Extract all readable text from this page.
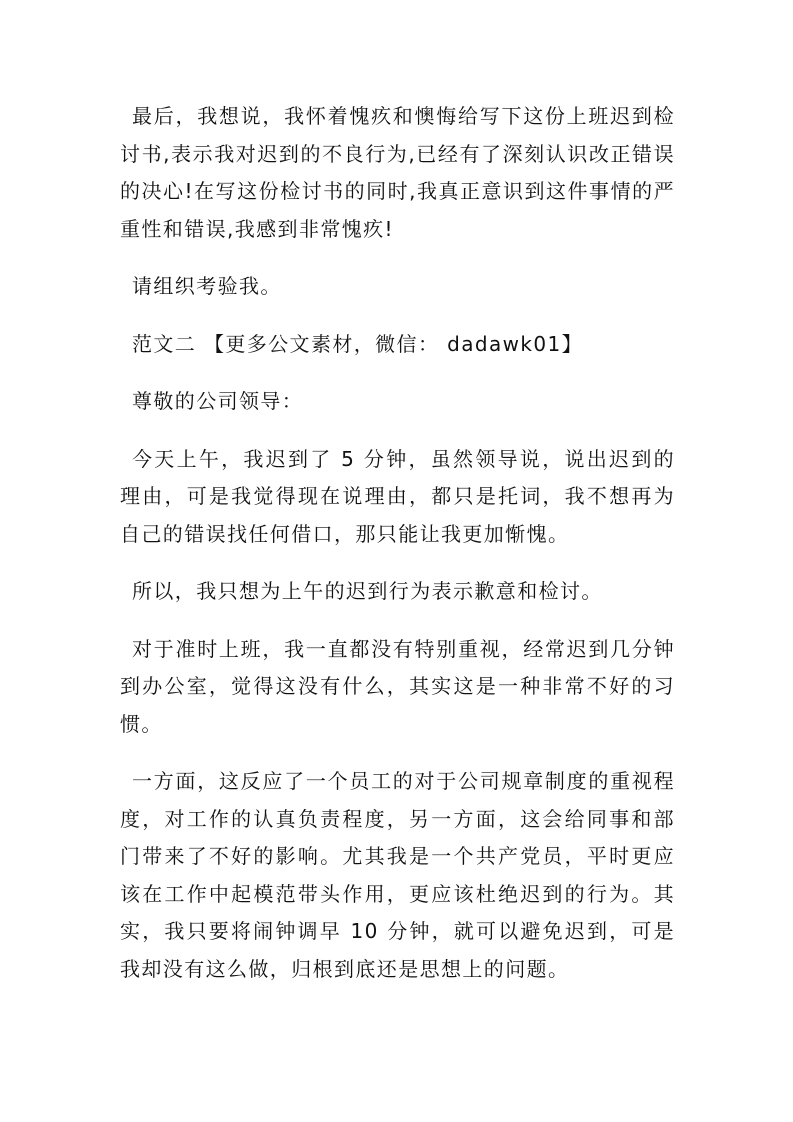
最后，我想说，我怀着愧疚和懊悔给写下这份上班迟到检讨书,表示我对迟到的不良行为,已经有了深刻认识改正错误的决心!在写这份检讨书的同时,我真正意识到这件事情的严重性和错误,我感到非常愧疚!

请组织考验我。

范文二 【更多公文素材，微信： dadawk01】

尊敬的公司领导：

今天上午，我迟到了 5 分钟，虽然领导说，说出迟到的理由，可是我觉得现在说理由，都只是托词，我不想再为自己的错误找任何借口，那只能让我更加惭愧。

所以，我只想为上午的迟到行为表示歉意和检讨。

对于准时上班，我一直都没有特别重视，经常迟到几分钟到办公室，觉得这没有什么，其实这是一种非常不好的习惯。

一方面，这反应了一个员工的对于公司规章制度的重视程度，对工作的认真负责程度，另一方面，这会给同事和部门带来了不好的影响。尤其我是一个共产党员，平时更应该在工作中起模范带头作用，更应该杜绝迟到的行为。其实，我只要将闹钟调早 10 分钟，就可以避免迟到，可是我却没有这么做，归根到底还是思想上的问题。
